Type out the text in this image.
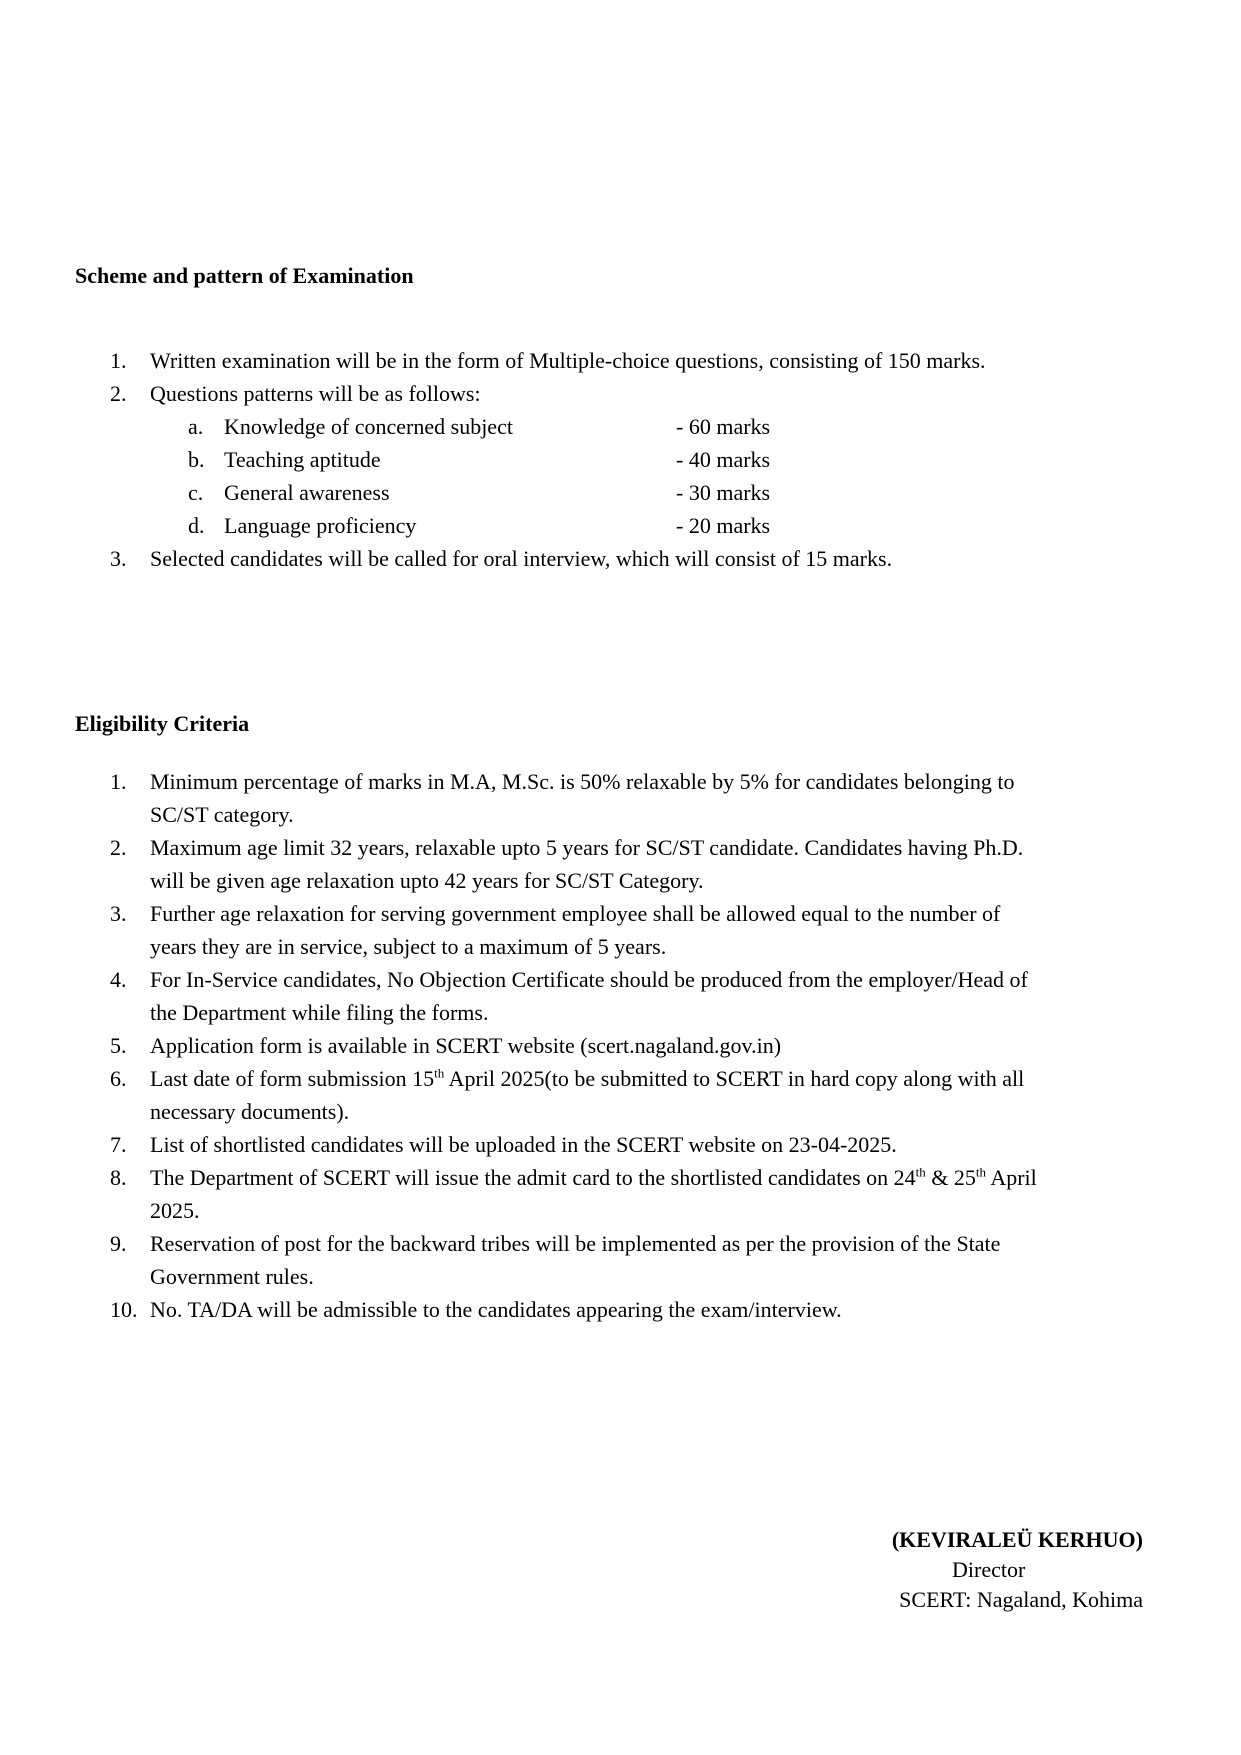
Scheme and pattern of Examination
1.	Written examination will be in the form of Multiple-choice questions, consisting of 150 marks.
2.	Questions patterns will be as follows:
a. Knowledge of concerned subject	- 60 marks
b. Teaching aptitude	- 40 marks
c. General awareness	- 30 marks
d. Language proficiency	- 20 marks
3.	Selected candidates will be called for oral interview, which will consist of 15 marks.
Eligibility Criteria
1.	Minimum percentage of marks in M.A, M.Sc. is 50% relaxable by 5% for candidates belonging to
SC/ST category.
2.	Maximum age limit 32 years, relaxable upto 5 years for SC/ST candidate. Candidates having Ph.D.
will be given age relaxation upto 42 years for SC/ST Category.
3.	Further age relaxation for serving government employee shall be allowed equal to the number of
years they are in service, subject to a maximum of 5 years.
4.	For In-Service candidates, No Objection Certificate should be produced from the employer/Head of
the Department while filing the forms.
5.	Application form is available in SCERT website (scert.nagaland.gov.in)
6.	Last date of form submission 15th April 2025(to be submitted to SCERT in hard copy along with all
necessary documents).
7.	List of shortlisted candidates will be uploaded in the SCERT website on 23-04-2025.
8.	The Department of SCERT will issue the admit card to the shortlisted candidates on 24th & 25th April
2025.
9.	Reservation of post for the backward tribes will be implemented as per the provision of the State
Government rules.
10. No. TA/DA will be admissible to the candidates appearing the exam/interview.
(KEVIRALEÜ KERHUO)
Director
SCERT: Nagaland, Kohima
